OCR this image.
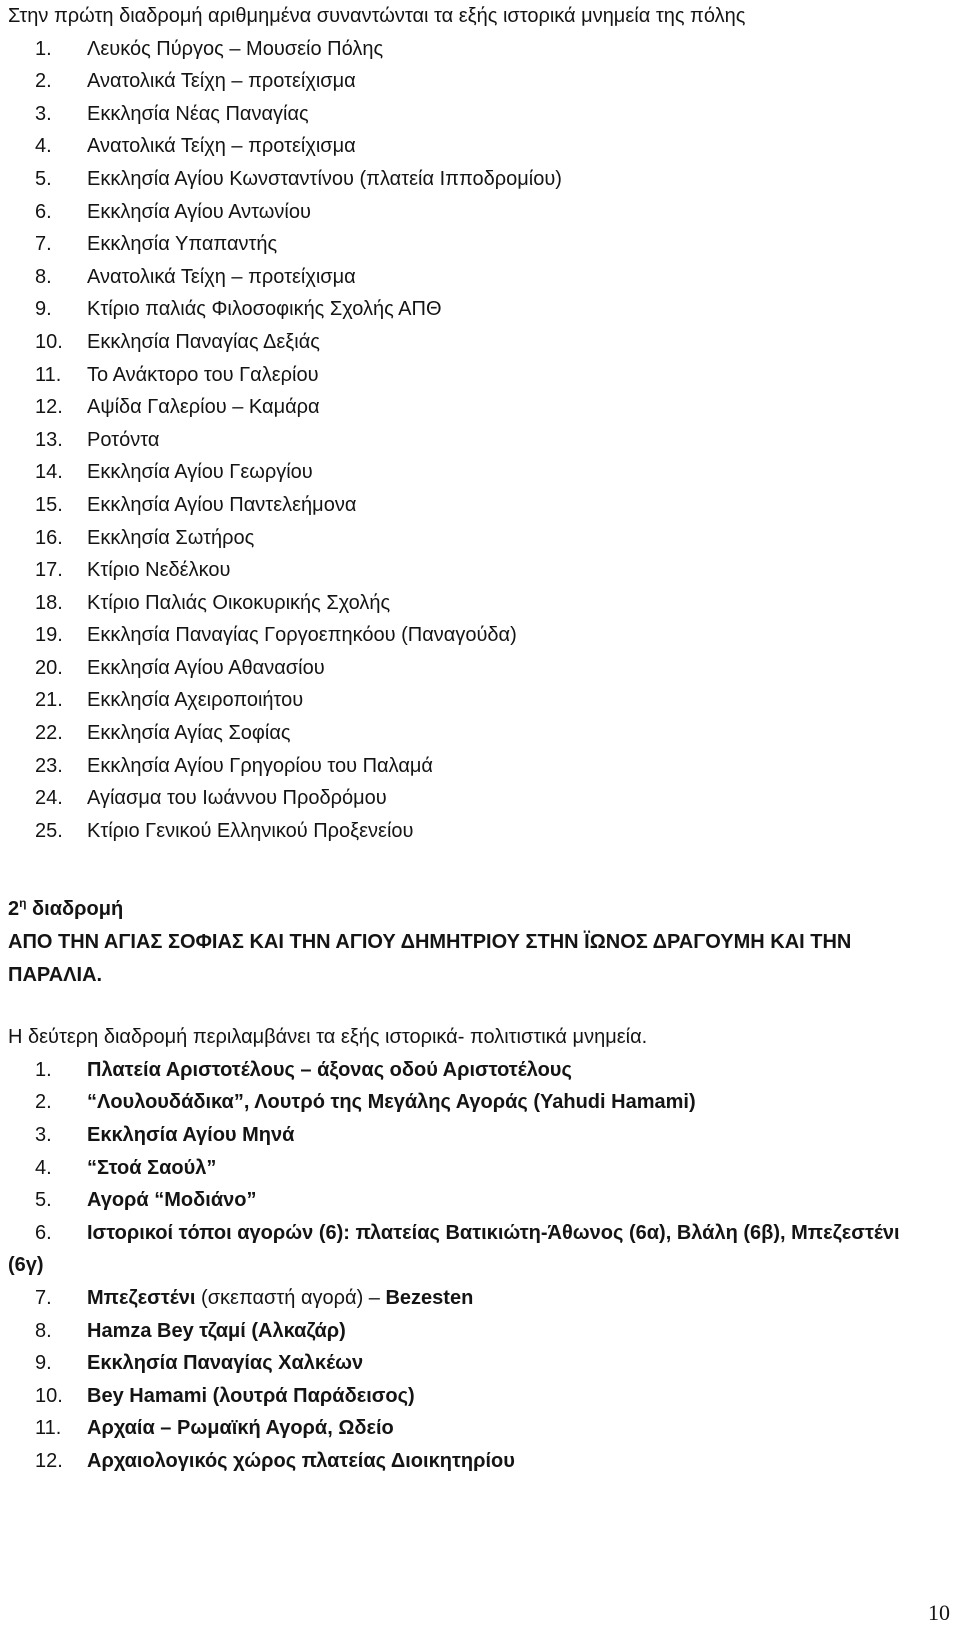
Στην πρώτη διαδρομή αριθμημένα συναντώνται τα εξής ιστορικά μνημεία της πόλης
1.	Λευκός Πύργος – Μουσείο Πόλης
2.	Ανατολικά Τείχη – προτείχισμα
3.	Εκκλησία Νέας Παναγίας
4.	Ανατολικά Τείχη – προτείχισμα
5.	Εκκλησία Αγίου Κωνσταντίνου (πλατεία Ιπποδρομίου)
6.	Εκκλησία Αγίου Αντωνίου
7.	Εκκλησία Υπαπαντής
8.	Ανατολικά Τείχη – προτείχισμα
9.	Κτίριο παλιάς Φιλοσοφικής Σχολής ΑΠΘ
10.	Εκκλησία Παναγίας Δεξιάς
11.	Το Ανάκτορο του Γαλερίου
12.	Αψίδα Γαλερίου – Καμάρα
13.	Ροτόντα
14.	Εκκλησία Αγίου Γεωργίου
15.	Εκκλησία Αγίου Παντελεήμονα
16.	Εκκλησία Σωτήρος
17.	Κτίριο Νεδέλκου
18.	Κτίριο Παλιάς Οικοκυρικής Σχολής
19.	Εκκλησία Παναγίας Γοργοεπηκόου (Παναγούδα)
20.	Εκκλησία Αγίου Αθανασίου
21.	Εκκλησία Αχειροποιήτου
22.	Εκκλησία Αγίας Σοφίας
23.	Εκκλησία Αγίου Γρηγορίου του Παλαμά
24.	Αγίασμα του Ιωάννου Προδρόμου
25.	Κτίριο Γενικού Ελληνικού Προξενείου
$2^\eta$ διαδρομή
ΑΠΟ ΤΗΝ ΑΓΙΑΣ ΣΟΦΙΑΣ ΚΑΙ ΤΗΝ ΑΓΙΟΥ ΔΗΜΗΤΡΙΟΥ ΣΤΗΝ ΪΩΝΟΣ ΔΡΑΓΟΥΜΗ ΚΑΙ ΤΗΝ ΠΑΡΑΛΙΑ.
Η δεύτερη διαδρομή περιλαμβάνει τα εξής ιστορικά- πολιτιστικά μνημεία.
1. Πλατεία Αριστοτέλους – άξονας οδού Αριστοτέλους
2. “Λουλουδάδικα”, Λουτρό της Μεγάλης Αγοράς (Yahudi Hamami)
3. Εκκλησία Αγίου Μηνά
4. “Στοά Σαούλ”
5. Αγορά “Μοδιάνο”
6. Ιστορικοί τόποι αγορών (6): πλατείας Βατικιώτη-Άθωνος (6α), Βλάλη (6β), Μπεζεστένι (6γ)
7. Μπεζεστένι (σκεπαστή αγορά) – Bezesten
8. Hamza Bey τζαμί (Αλκαζάρ)
9. Εκκλησία Παναγίας Χαλκέων
10. Bey Hamami (λουτρά Παράδεισος)
11. Αρχαία – Ρωμαϊκή Αγορά, Ωδείο
12. Αρχαιολογικός χώρος πλατείας Διοικητηρίου
10
